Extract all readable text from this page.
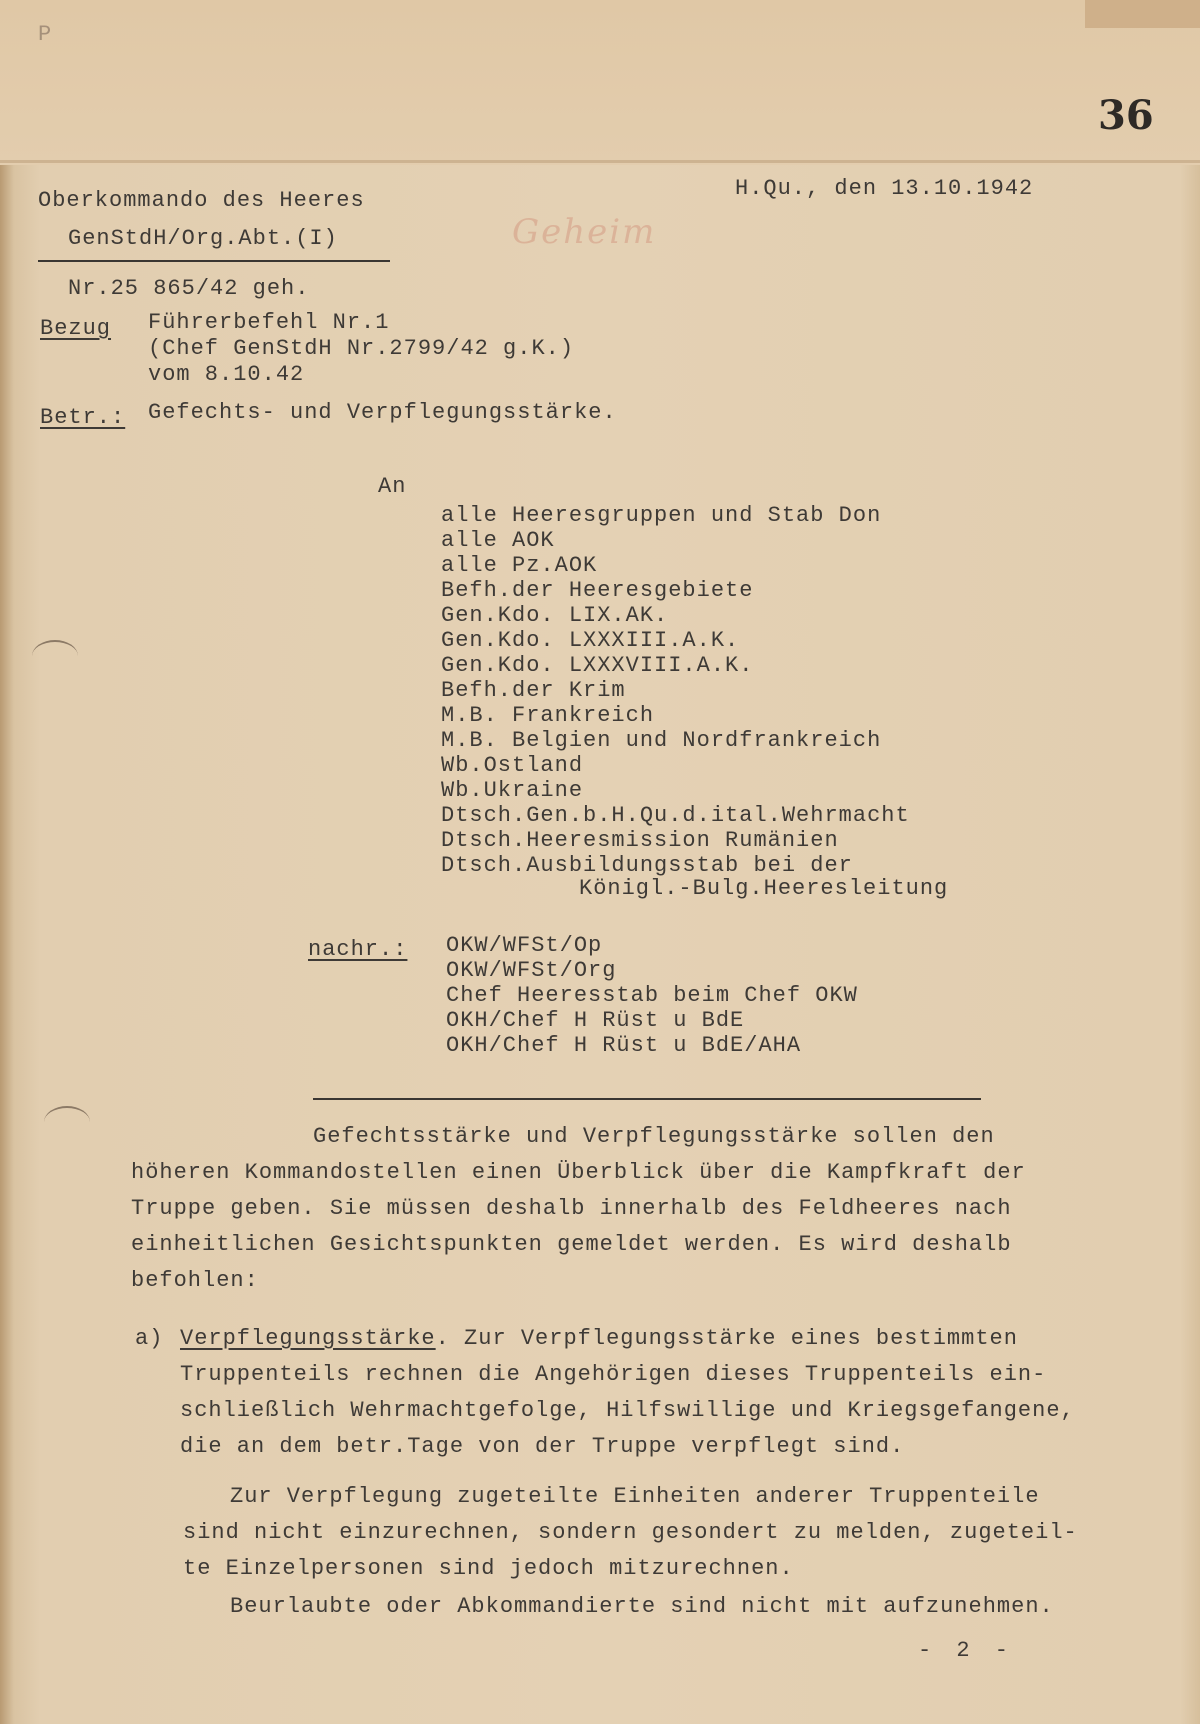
P
36
Oberkommando des Heeres
GenStdH/Org.Abt.(I)
Nr.25 865/42 geh.
H.Qu., den 13.10.1942
Geheim
Bezug Führerbefehl Nr.1
(Chef GenStdH Nr.2799/42 g.K.)
vom 8.10.42
Betr.: Gefechts- und Verpflegungsstärke.
An
alle Heeresgruppen und Stab Don
alle AOK
alle Pz.AOK
Befh.der Heeresgebiete
Gen.Kdo. LIX.AK.
Gen.Kdo. LXXXIII.A.K.
Gen.Kdo. LXXXVIII.A.K.
Befh.der Krim
M.B. Frankreich
M.B. Belgien und Nordfrankreich
Wb.Ostland
Wb.Ukraine
Dtsch.Gen.b.H.Qu.d.ital.Wehrmacht
Dtsch.Heeresmission Rumänien
Dtsch.Ausbildungsstab bei der
Königl.-Bulg.Heeresleitung
nachr.: OKW/WFSt/Op
OKW/WFSt/Org
Chef Heeresstab beim Chef OKW
OKH/Chef H Rüst u BdE
OKH/Chef H Rüst u BdE/AHA
Gefechtsstärke und Verpflegungsstärke sollen den
höheren Kommandostellen einen Überblick über die Kampfkraft der
Truppe geben. Sie müssen deshalb innerhalb des Feldheeres nach
einheitlichen Gesichtspunkten gemeldet werden. Es wird deshalb
befohlen:
a) Verpflegungsstärke. Zur Verpflegungsstärke eines bestimmten
Truppenteils rechnen die Angehörigen dieses Truppenteils ein-
schließlich Wehrmachtgefolge, Hilfswillige und Kriegsgefangene,
die an dem betr.Tage von der Truppe verpflegt sind.
Zur Verpflegung zugeteilte Einheiten anderer Truppenteile
sind nicht einzurechnen, sondern gesondert zu melden, zugeteil-
te Einzelpersonen sind jedoch mitzurechnen.
Beurlaubte oder Abkommandierte sind nicht mit aufzunehmen.
- 2 -
